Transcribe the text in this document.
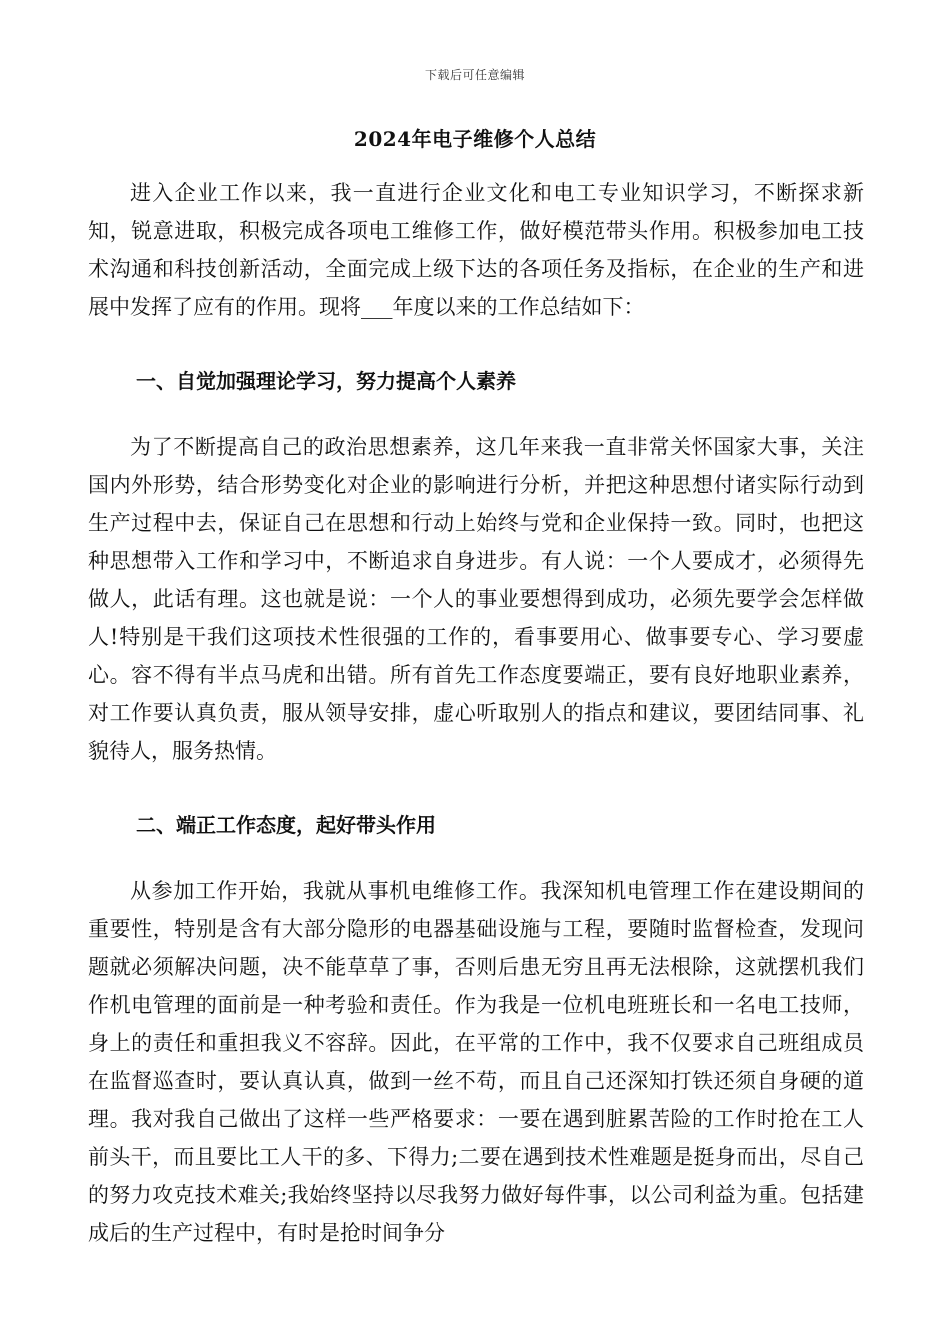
下载后可任意编辑
2024年电子维修个人总结

进入企业工作以来，我一直进行企业文化和电工专业知识学习，不断探求新知，锐意进取，积极完成各项电工维修工作，做好模范带头作用。积极参加电工技术沟通和科技创新活动，全面完成上级下达的各项任务及指标，在企业的生产和进展中发挥了应有的作用。现将___年度以来的工作总结如下：

一、自觉加强理论学习，努力提高个人素养

为了不断提高自己的政治思想素养，这几年来我一直非常关怀国家大事，关注国内外形势，结合形势变化对企业的影响进行分析，并把这种思想付诸实际行动到生产过程中去，保证自己在思想和行动上始终与党和企业保持一致。同时，也把这种思想带入工作和学习中，不断追求自身进步。有人说：一个人要成才，必须得先做人，此话有理。这也就是说：一个人的事业要想得到成功，必须先要学会怎样做人!特别是干我们这项技术性很强的工作的，看事要用心、做事要专心、学习要虚心。容不得有半点马虎和出错。所有首先工作态度要端正，要有良好地职业素养，对工作要认真负责，服从领导安排，虚心听取别人的指点和建议，要团结同事、礼貌待人，服务热情。

二、端正工作态度，起好带头作用

从参加工作开始，我就从事机电维修工作。我深知机电管理工作在建设期间的重要性，特别是含有大部分隐形的电器基础设施与工程，要随时监督检查，发现问题就必须解决问题，决不能草草了事，否则后患无穷且再无法根除，这就摆机我们作机电管理的面前是一种考验和责任。作为我是一位机电班班长和一名电工技师，身上的责任和重担我义不容辞。因此，在平常的工作中，我不仅要求自己班组成员在监督巡查时，要认真认真，做到一丝不苟，而且自己还深知打铁还须自身硬的道理。我对我自己做出了这样一些严格要求：一要在遇到脏累苦险的工作时抢在工人前头干，而且要比工人干的多、下得力;二要在遇到技术性难题是挺身而出，尽自己的努力攻克技术难关;我始终坚持以尽我努力做好每件事，以公司利益为重。包括建成后的生产过程中，有时是抢时间争分
